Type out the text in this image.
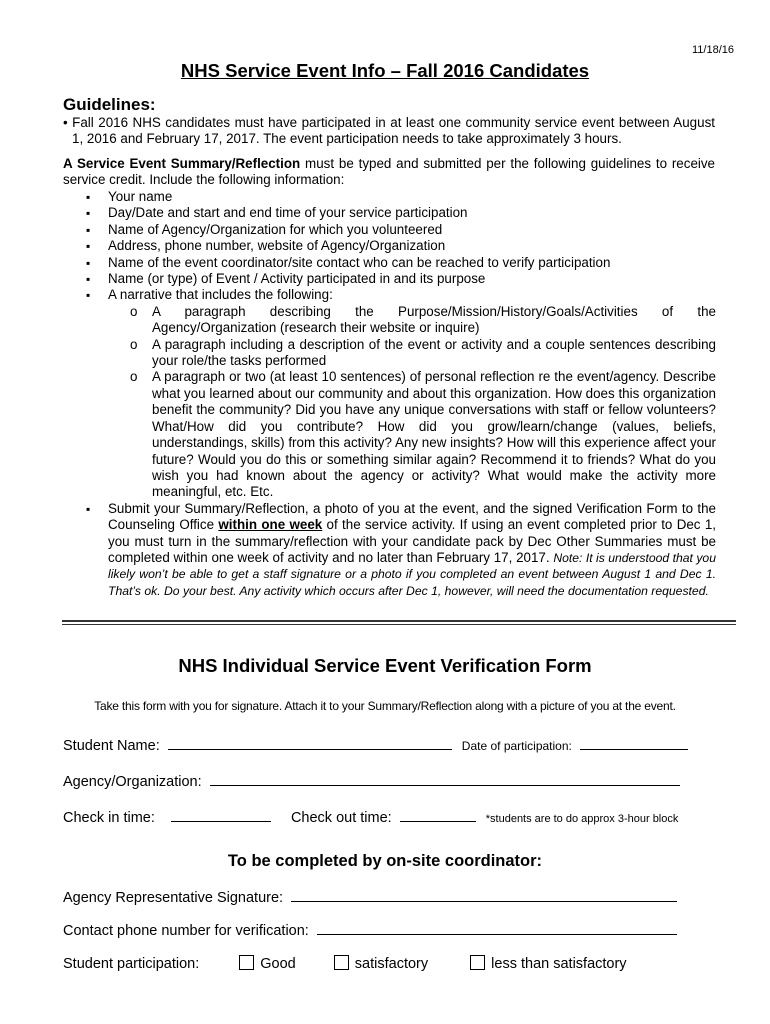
11/18/16
NHS Service Event Info – Fall 2016 Candidates
Guidelines:
• Fall 2016 NHS candidates must have participated in at least one community service event between August 1, 2016 and February 17, 2017. The event participation needs to take approximately 3 hours.
A Service Event Summary/Reflection must be typed and submitted per the following guidelines to receive service credit. Include the following information:
▪ Your name
▪ Day/Date and start and end time of your service participation
▪ Name of Agency/Organization for which you volunteered
▪ Address, phone number, website of Agency/Organization
▪ Name of the event coordinator/site contact who can be reached to verify participation
▪ Name (or type) of Event / Activity participated in and its purpose
▪ A narrative that includes the following:
o A paragraph describing the Purpose/Mission/History/Goals/Activities of the Agency/Organization (research their website or inquire)
o A paragraph including a description of the event or activity and a couple sentences describing your role/the tasks performed
o A paragraph or two (at least 10 sentences) of personal reflection re the event/agency. Describe what you learned about our community and about this organization. How does this organization benefit the community? Did you have any unique conversations with staff or fellow volunteers? What/How did you contribute? How did you grow/learn/change (values, beliefs, understandings, skills) from this activity? Any new insights? How will this experience affect your future? Would you do this or something similar again? Recommend it to friends? What do you wish you had known about the agency or activity? What would make the activity more meaningful, etc. Etc.
▪ Submit your Summary/Reflection, a photo of you at the event, and the signed Verification Form to the Counseling Office within one week of the service activity. If using an event completed prior to Dec 1, you must turn in the summary/reflection with your candidate pack by Dec Other Summaries must be completed within one week of activity and no later than February 17, 2017. Note: It is understood that you likely won’t be able to get a staff signature or a photo if you completed an event between August 1 and Dec 1. That’s ok. Do your best. Any activity which occurs after Dec 1, however, will need the documentation requested.
NHS Individual Service Event Verification Form
Take this form with you for signature. Attach it to your Summary/Reflection along with a picture of you at the event.
Student Name:	Date of participation:
Agency/Organization:
Check in time:	Check out time:	*students are to do approx 3-hour block
To be completed by on-site coordinator:
Agency Representative Signature:
Contact phone number for verification:
Student participation:	Good	satisfactory	less than satisfactory
